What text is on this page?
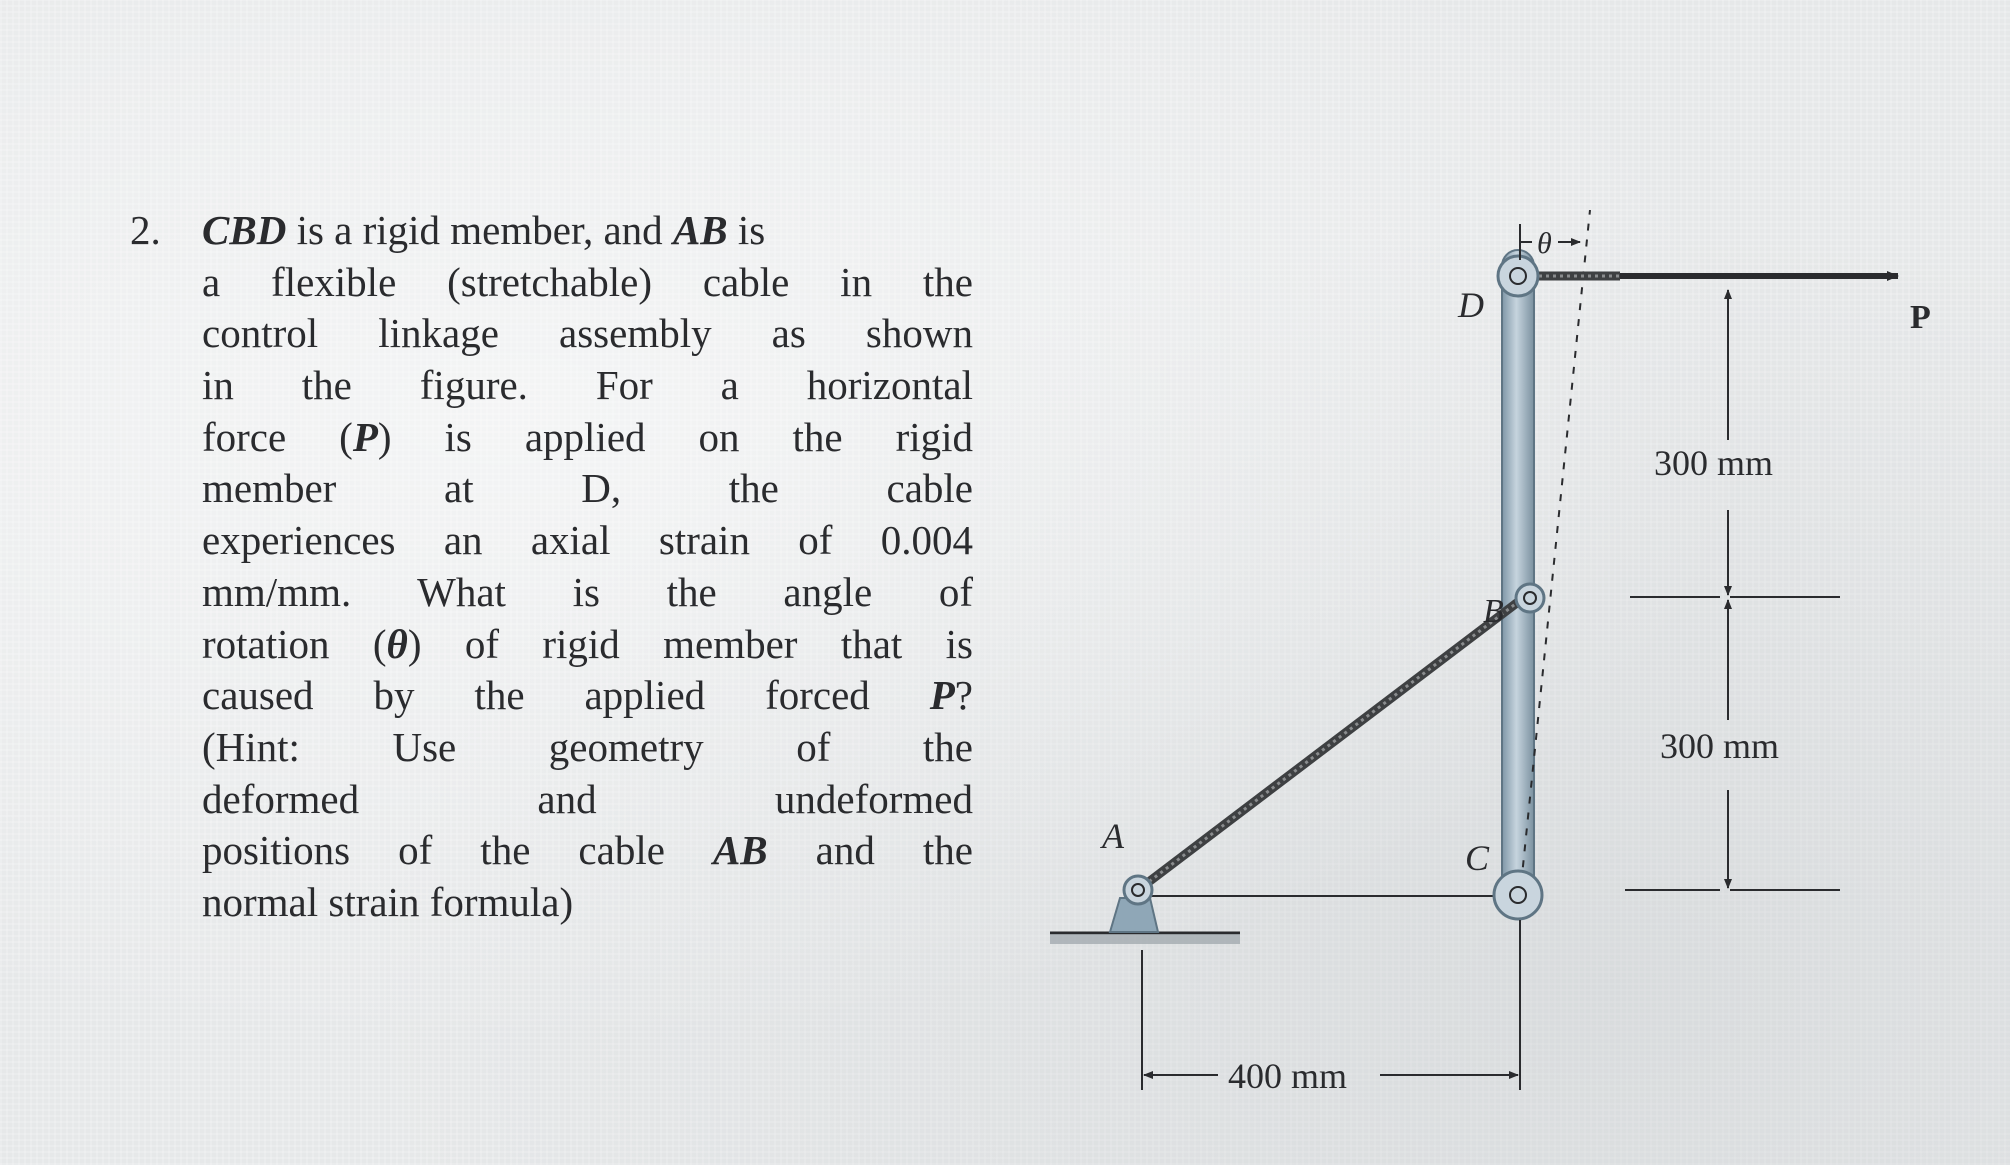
2. CBD is a rigid member, and AB is
a flexible (stretchable) cable in the
control linkage assembly as shown
in the figure. For a horizontal
force (P) is applied on the rigid
member at D, the cable
experiences an axial strain of 0.004
mm/mm. What is the angle of
rotation (θ) of rigid member that is
caused by the applied forced P?
(Hint: Use geometry of the
deformed and undeformed
positions of the cable AB and the
normal strain formula)
A
B
C
D	P
θ
300 mm
300 mm
400 mm
